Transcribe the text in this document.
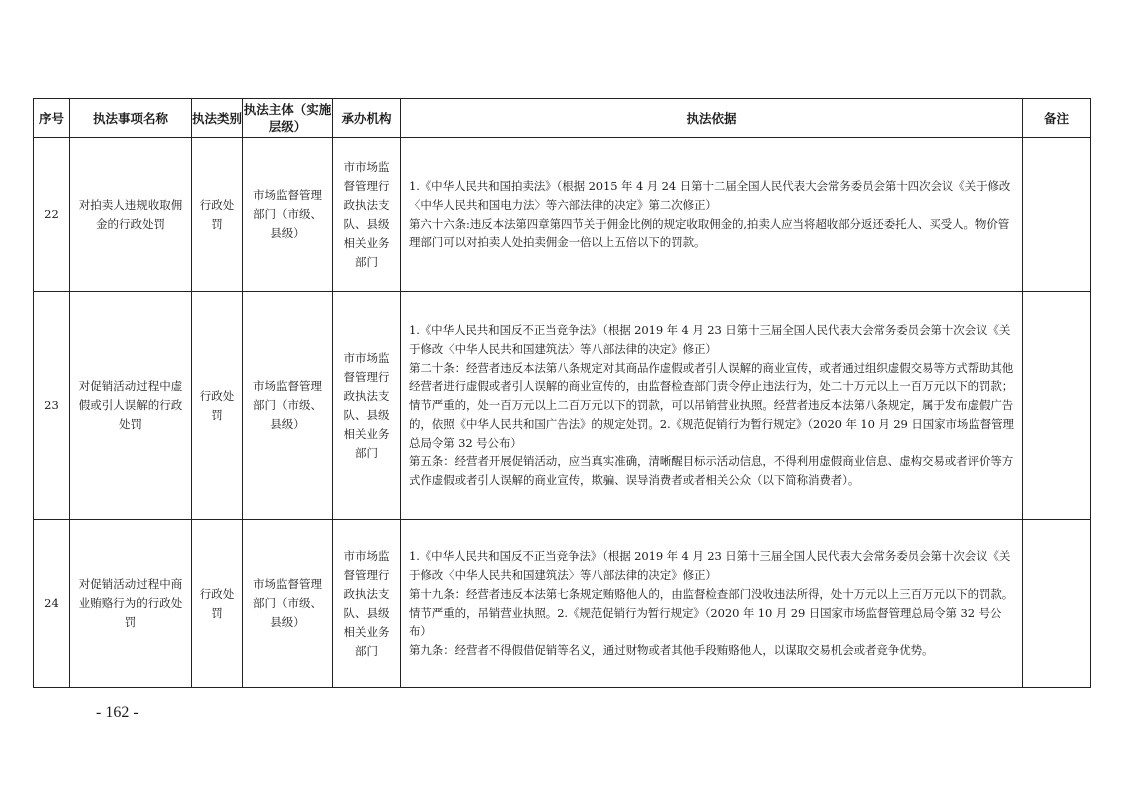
序号	执法事项名称	执法类别	执法主体（实施层级）	承办机构	执法依据	备注
22	对拍卖人违规收取佣金的行政处罚	行政处罚	市场监督管理部门（市级、县级）	市市场监督管理行政执法支队、县级相关业务部门	1.《中华人民共和国拍卖法》（根据 2015 年 4 月 24 日第十二届全国人民代表大会常务委员会第十四次会议《关于修改〈中华人民共和国电力法〉等六部法律的决定》第二次修正）

第六十六条:违反本法第四章第四节关于佣金比例的规定收取佣金的,拍卖人应当将超收部分返还委托人、买受人。物价管理部门可以对拍卖人处拍卖佣金一倍以上五倍以下的罚款。	

23	对促销活动过程中虚假或引人误解的行政处罚	行政处罚	市场监督管理部门（市级、县级）	市市场监督管理行政执法支队、县级相关业务部门	1.《中华人民共和国反不正当竞争法》（根据 2019 年 4 月 23 日第十三届全国人民代表大会常务委员会第十次会议《关于修改〈中华人民共和国建筑法〉等八部法律的决定》修正）

第二十条：经营者违反本法第八条规定对其商品作虚假或者引人误解的商业宣传，或者通过组织虚假交易等方式帮助其他经营者进行虚假或者引人误解的商业宣传的，由监督检查部门责令停止违法行为，处二十万元以上一百万元以下的罚款；情节严重的，处一百万元以上二百万元以下的罚款，可以吊销营业执照。经营者违反本法第八条规定，属于发布虚假广告的，依照《中华人民共和国广告法》的规定处罚。2.《规范促销行为暂行规定》（2020 年 10 月 29 日国家市场监督管理总局令第 32 号公布）

第五条：经营者开展促销活动，应当真实准确，清晰醒目标示活动信息，不得利用虚假商业信息、虚构交易或者评价等方式作虚假或者引人误解的商业宣传，欺骗、误导消费者或者相关公众（以下简称消费者）。	

24	对促销活动过程中商业贿赂行为的行政处罚	行政处罚	市场监督管理部门（市级、县级）	市市场监督管理行政执法支队、县级相关业务部门	1.《中华人民共和国反不正当竞争法》（根据 2019 年 4 月 23 日第十三届全国人民代表大会常务委员会第十次会议《关于修改〈中华人民共和国建筑法〉等八部法律的决定》修正）

第十九条：经营者违反本法第七条规定贿赂他人的，由监督检查部门没收违法所得，处十万元以上三百万元以下的罚款。情节严重的，吊销营业执照。2.《规范促销行为暂行规定》（2020 年 10 月 29 日国家市场监督管理总局令第 32 号公布）

第九条：经营者不得假借促销等名义，通过财物或者其他手段贿赂他人，以谋取交易机会或者竞争优势。	

- 162 -
